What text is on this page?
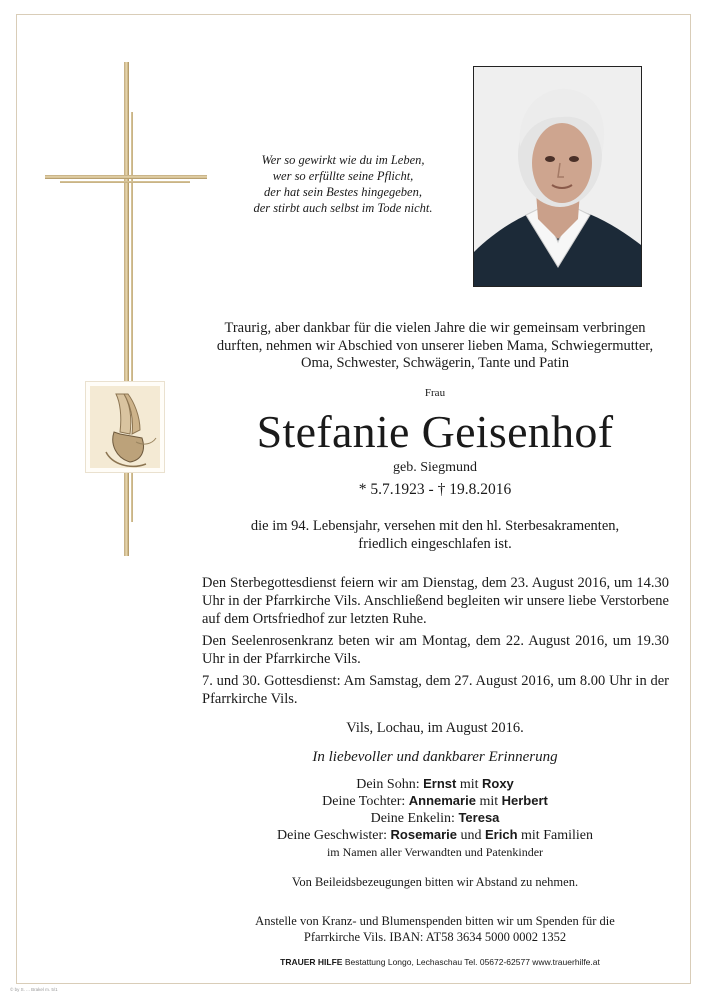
Wer so gewirkt wie du im Leben,
wer so erfüllte seine Pflicht,
der hat sein Bestes hingegeben,
der stirbt auch selbst im Tode nicht.
Traurig, aber dankbar für die vielen Jahre die wir gemeinsam verbringen
durften, nehmen wir Abschied von unserer lieben Mama, Schwiegermutter,
Oma, Schwester, Schwägerin, Tante und Patin
Frau
Stefanie Geisenhof
geb. Siegmund
* 5.7.1923 - † 19.8.2016
die im 94. Lebensjahr, versehen mit den hl. Sterbesakramenten,
friedlich eingeschlafen ist.
Den Sterbegottesdienst feiern wir am Dienstag, dem 23. August 2016, um 14.30 Uhr in der Pfarrkirche Vils. Anschließend begleiten wir unsere liebe Verstorbene auf dem Ortsfriedhof zur letzten Ruhe.
Den Seelenrosenkranz beten wir am Montag, dem 22. August 2016, um 19.30 Uhr in der Pfarrkirche Vils.
7. und 30. Gottesdienst: Am Samstag, dem 27. August 2016, um 8.00 Uhr in der Pfarrkirche Vils.
Vils, Lochau, im August 2016.
In liebevoller und dankbarer Erinnerung
Dein Sohn: Ernst mit Roxy
Deine Tochter: Annemarie mit Herbert
Deine Enkelin: Teresa
Deine Geschwister: Rosemarie und Erich mit Familien
im Namen aller Verwandten und Patenkinder
Von Beileidsbezeugungen bitten wir Abstand zu nehmen.
Anstelle von Kranz- und Blumenspenden bitten wir um Spenden für die
Pfarrkirche Vils. IBAN: AT58 3634 5000 0002 1352
TRAUER HILFE Bestattung Longo, Lechaschau Tel. 05672-62577 www.trauerhilfe.at
© by S. ... Brakel m. 5/1
